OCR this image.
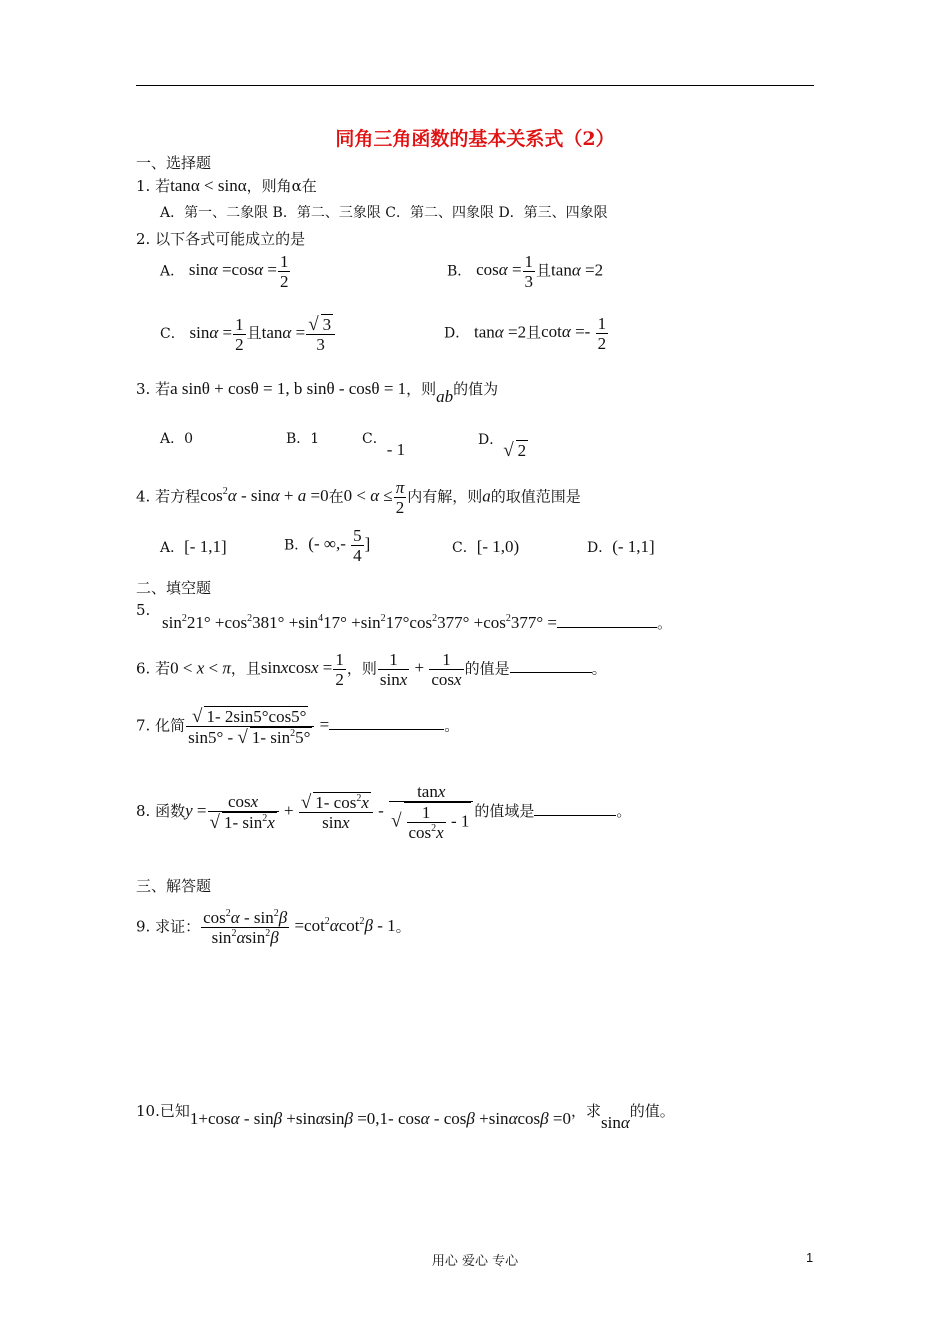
同角三角函数的基本关系式（2）
一、选择题
1. 若tanα < sinα，则角α在
A．第一、二象限 B．第二、三象限 C．第二、四象限 D．第三、四象限
2. 以下各式可能成立的是
A． $\sin\alpha =\cos\alpha = \frac{1}{2}$	B． $\cos\alpha = \frac{1}{3}$ 且tanα =2
C． $\sin\alpha = \frac{1}{2}$ 且$\tan\alpha = \frac{√ 3}{3}$	D． tanα =2且$\cot\alpha =- \frac{1}{2}$
3. 若a sinθ + cosθ = 1, b sinθ - cosθ = 1，则ab的值为
A．0	B．1	C．- 1	D．√ 2
4. 若方程$\cos^2\alpha - \sin\alpha + a =0$在$0 < \alpha \le \frac{\pi}{2}$ 内有解，则a的取值范围是
A．[- 1,1]	B．(- ∞,- $\frac{5}{4}$ ]	C．[- 1,0)	D．(- 1,1]
二、填空题
5.
$\sin^221^\circ +\cos^2381^\circ +\sin^417^\circ +\sin^217^\circ\cos^2377^\circ +\cos^2377^\circ$ =	。
6. 若0 < x < π，且sinxcosx = $\frac{1}{2}$ ，则 $\frac{1}{\sin x} + \frac{1}{\cos x}$ 的值是	。
7. 化简 $\frac{√ 1- 2\sin 5^\circ\cos 5^\circ}{\sin 5^\circ - √ 1- \sin^25^\circ}$ =	。
8. 函数$y = \frac{\cos x}{√ 1- \sin^2x} + \frac{√ 1- \cos^2x}{\sin x} - \frac{\tan x}{√ \frac{1}{\cos^2x} - 1}$ 的值域是	。
三、解答题
9. 求证： $\frac{\cos^2\alpha - \sin^2\beta}{\sin^2\alpha\sin^2\beta} =\cot^2\alpha\cot^2\beta - 1$。
10.已知1+cosα - sinβ +sinαsinβ =0,1- cosα - cosβ +sinαcosβ =0，求sinα的值。
用心 爱心 专心	1
